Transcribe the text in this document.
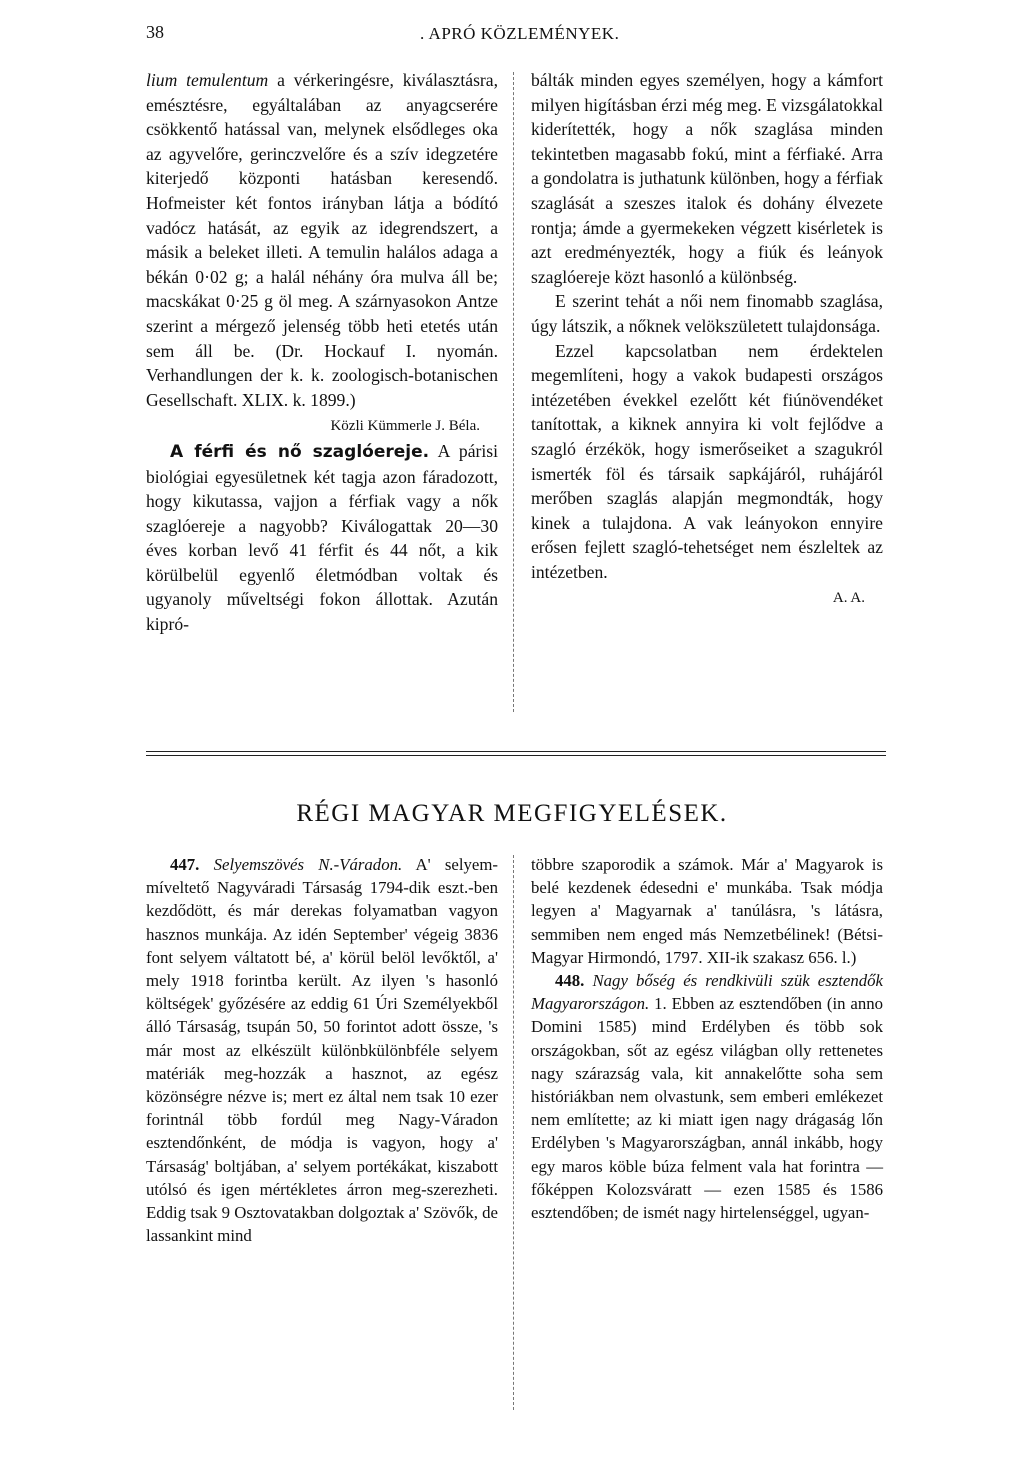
38	. APRÓ KÖZLEMÉNYEK.

lium temulentum a vérkeringésre, kiválasztásra, emésztésre, egyáltalában az anyagcserére csökkentő hatással van, melynek elsődleges oka az agyvelőre, gerinczvelőre és a szív idegzetére kiterjedő központi hatásban keresendő. Hofmeister két fontos irányban látja a bódító vadócz hatását, az egyik az idegrendszert, a másik a beleket illeti. A temulin halálos adaga a békán 0·02 g; a halál néhány óra mulva áll be; macskákat 0·25 g öl meg. A szárnyasokon Antze szerint a mérgező jelenség több heti etetés után sem áll be. (Dr. Hockauf I. nyomán. Verhandlungen der k. k. zoologisch-botanischen Gesellschaft. XLIX. k. 1899.)

Közli Kümmerle J. Béla.

A férfi és nő szaglóereje. A párisi biológiai egyesületnek két tagja azon fáradozott, hogy kikutassa, vajjon a férfiak vagy a nők szaglóereje a nagyobb? Kiválogattak 20—30 éves korban levő 41 férfit és 44 nőt, a kik körülbelül egyenlő életmódban voltak és ugyanoly műveltségi fokon állottak. Azután kipró-

bálták minden egyes személyen, hogy a kámfort milyen higításban érzi még meg. E vizsgálatokkal kiderítették, hogy a nők szaglása minden tekintetben magasabb fokú, mint a férfiaké. Arra a gondolatra is juthatunk különben, hogy a férfiak szaglását a szeszes italok és dohány élvezete rontja; ámde a gyermekeken végzett kisérletek is azt eredményezték, hogy a fiúk és leányok szaglóereje közt hasonló a különbség.

E szerint tehát a női nem finomabb szaglása, úgy látszik, a nőknek velökszületett tulajdonsága.

Ezzel kapcsolatban nem érdektelen megemlíteni, hogy a vakok budapesti országos intézetében évekkel ezelőtt két fiúnövendéket tanítottak, a kiknek annyira ki volt fejlődve a szagló érzékök, hogy ismerőseiket a szagukról ismerték föl és társaik sapkájáról, ruhájáról merőben szaglás alapján megmondták, hogy kinek a tulajdona. A vak leányokon ennyire erősen fejlett szagló-tehetséget nem észleltek az intézetben.

A. A.

RÉGI MAGYAR MEGFIGYELÉSEK.

447. Selyemszövés N.-Váradon. A' selyem-míveltető Nagyváradi Társaság 1794-dik eszt.-ben kezdődött, és már derekas folyamatban vagyon hasznos munkája. Az idén September' végeig 3836 font selyem váltatott bé, a' körül belöl levőktől, a' mely 1918 forintba került. Az ilyen 's hasonló költségek' győzésére az eddig 61 Úri Személyekből álló Társaság, tsupán 50, 50 forintot adott össze, 's már most az elkészült különbkülönbféle selyem matériák meg-hozzák a hasznot, az egész közönségre nézve is; mert ez által nem tsak 10 ezer forintnál több fordúl meg Nagy-Váradon esztendőnként, de módja is vagyon, hogy a' Társaság' boltjában, a' selyem portékákat, kiszabott utólsó és igen mértékletes árron meg-szerezheti. Eddig tsak 9 Osztovatakban dolgoztak a' Szövők, de lassankint mind

többre szaporodik a számok. Már a' Magyarok is belé kezdenek édesedni e' munkába. Tsak módja legyen a' Magyarnak a' tanúlásra, 's látásra, semmiben nem enged más Nemzetbélinek! (Bétsi-Magyar Hirmondó, 1797. XII-ik szakasz 656. l.)

448. Nagy bőség és rendkivüli szük esztendők Magyarországon. 1. Ebben az esztendőben (in anno Domini 1585) mind Erdélyben és több sok országokban, sőt az egész világban olly rettenetes nagy szárazság vala, kit annakelőtte soha sem históriákban nem olvastunk, sem emberi emlékezet nem említette; az ki miatt igen nagy drágaság lőn Erdélyben 's Magyarországban, annál inkább, hogy egy maros köble búza felment vala hat forintra — főképpen Kolozsváratt — ezen 1585 és 1586 esztendőben; de ismét nagy hirtelenséggel, ugyan-
